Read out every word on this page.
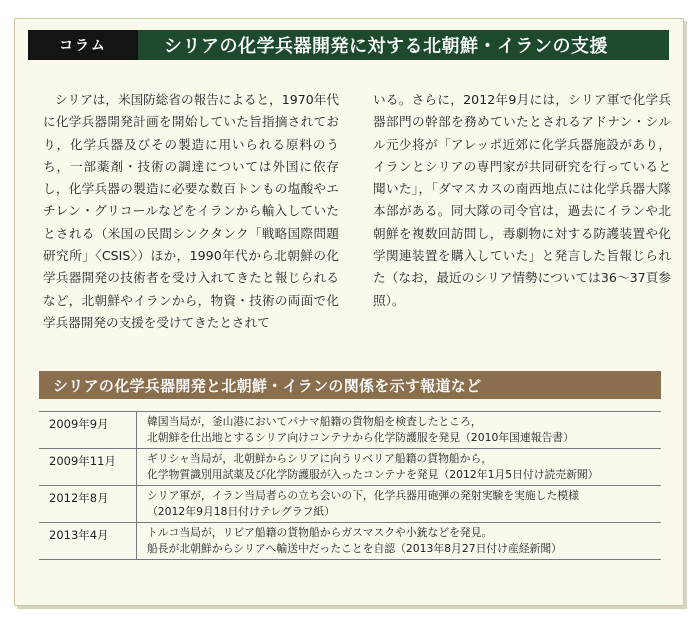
コラム	シリアの化学兵器開発に対する北朝鮮・イランの支援
シリアは，米国防総省の報告によると，1970年代に化学兵器開発計画を開始していた旨指摘されており，化学兵器及びその製造に用いられる原料のうち，一部薬剤・技術の調達については外国に依存し，化学兵器の製造に必要な数百トンもの塩酸やエチレン・グリコールなどをイランから輸入していたとされる（米国の民間シンクタンク「戦略国際問題研究所」〈CSIS〉）ほか，1990年代から北朝鮮の化学兵器開発の技術者を受け入れてきたと報じられるなど，北朝鮮やイランから，物資・技術の両面で化学兵器開発の支援を受けてきたとされて
いる。さらに，2012年9月には，シリア軍で化学兵器部門の幹部を務めていたとされるアドナン・シルル元少将が「アレッポ近郊に化学兵器施設があり，イランとシリアの専門家が共同研究を行っていると聞いた」，「ダマスカスの南西地点には化学兵器大隊本部がある。同大隊の司令官は，過去にイランや北朝鮮を複数回訪問し，毒劇物に対する防護装置や化学関連装置を購入していた」と発言した旨報じられた（なお，最近のシリア情勢については36～37頁参照）。
シリアの化学兵器開発と北朝鮮・イランの関係を示す報道など
2009年9月	韓国当局が，釜山港においてパナマ船籍の貨物船を検査したところ，
北朝鮮を仕出地とするシリア向けコンテナから化学防護服を発見（2010年国連報告書）
2009年11月	ギリシャ当局が，北朝鮮からシリアに向うリベリア船籍の貨物船から，
化学物質識別用試薬及び化学防護服が入ったコンテナを発見（2012年1月5日付け読売新聞）
2012年8月	シリア軍が，イラン当局者らの立ち会いの下，化学兵器用砲弾の発射実験を実施した模様
（2012年9月18日付けテレグラフ紙）
2013年4月	トルコ当局が，リビア船籍の貨物船からガスマスクや小銃などを発見。
船長が北朝鮮からシリアへ輸送中だったことを自認（2013年8月27日付け産経新聞）
